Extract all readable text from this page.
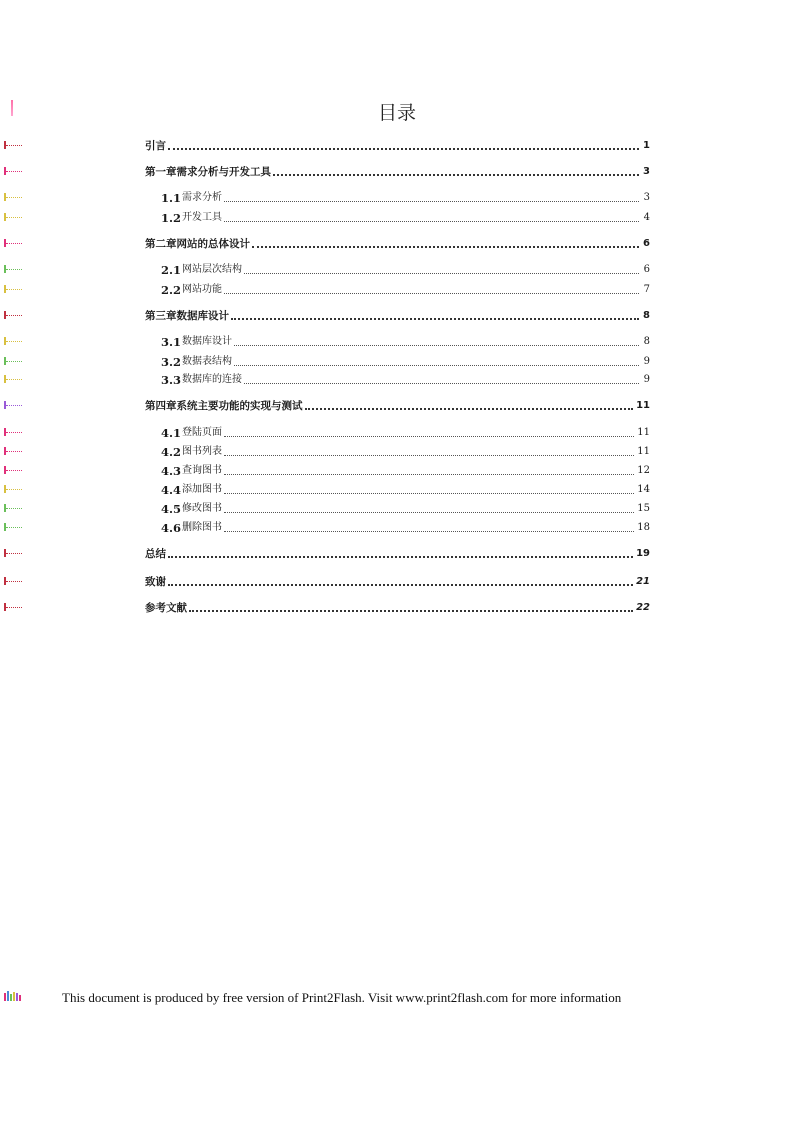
目录
引言	1
第一章需求分析与开发工具	3
1.1 需求分析	3
1.2 开发工具	4
第二章网站的总体设计	6
2.1 网站层次结构	6
2.2 网站功能	7
第三章数据库设计	8
3.1 数据库设计	8
3.2 数据表结构	9
3.3 数据库的连接	9
第四章系统主要功能的实现与测试	11
4.1 登陆页面	11
4.2 图书列表	11
4.3 查询图书	12
4.4 添加图书	14
4.5 修改图书	15
4.6 删除图书	18
总结	19
致谢	21
参考文献	22
This document is produced by free version of Print2Flash. Visit www.print2flash.com for more information
